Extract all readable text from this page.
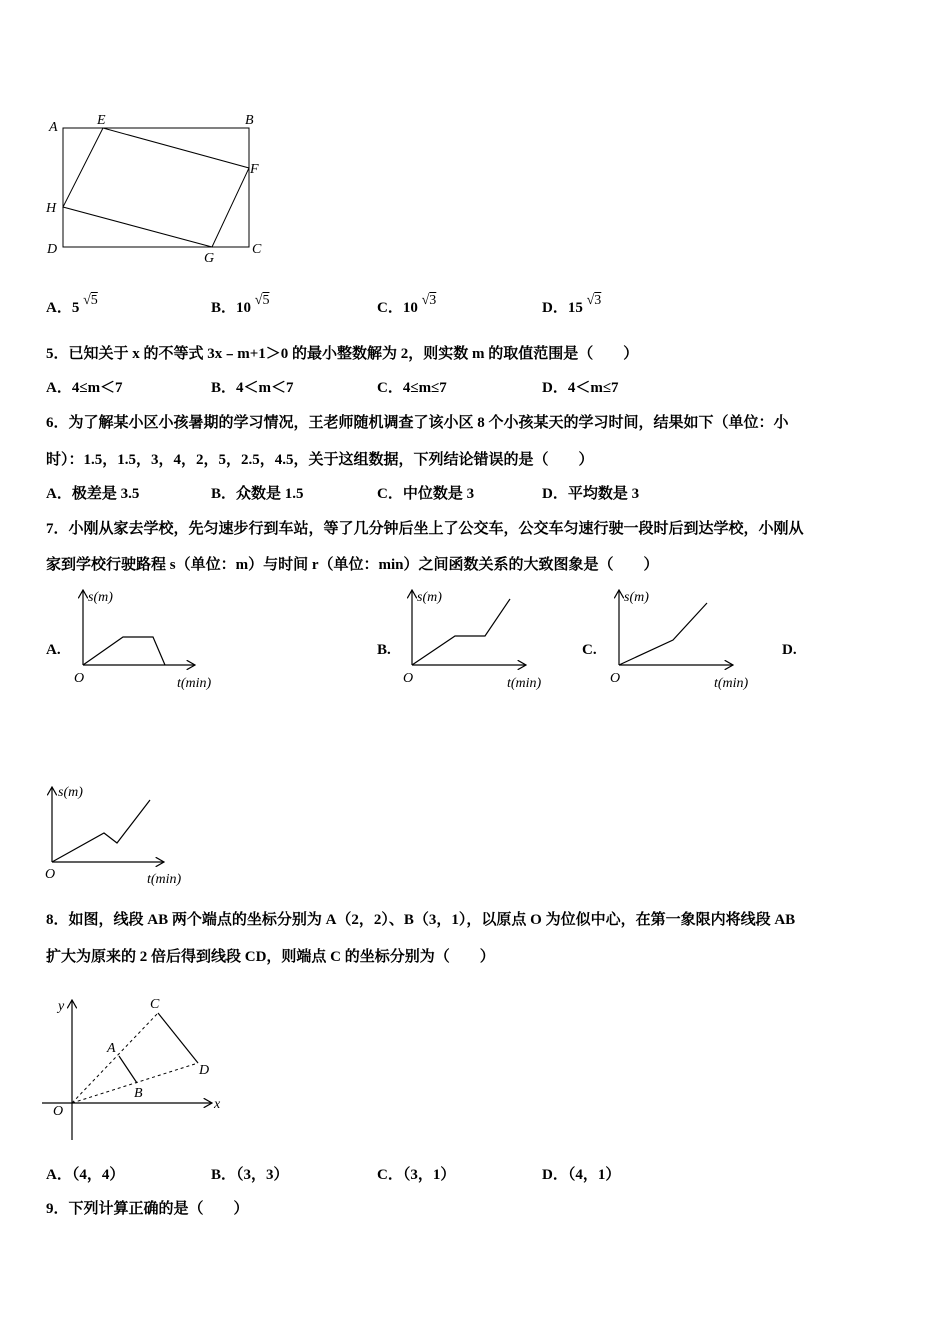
A	E	B
F
H
D
G
C
A．5 √5	B．10 √5	C．10 √3	D．15 √3
5．已知关于 x 的不等式 3x﹣m+1＞0 的最小整数解为 2，则实数 m 的取值范围是（　　）
A．4≤m＜7	B．4＜m＜7	C．4≤m≤7	D．4＜m≤7
6．为了解某小区小孩暑期的学习情况，王老师随机调查了该小区 8 个小孩某天的学习时间，结果如下（单位：小
时）：1.5，1.5，3，4，2，5，2.5，4.5，关于这组数据，下列结论错误的是（　　）
A．极差是 3.5	B．众数是 1.5	C．中位数是 3	D．平均数是 3
7．小刚从家去学校，先匀速步行到车站，等了几分钟后坐上了公交车，公交车匀速行驶一段时后到达学校，小刚从
家到学校行驶路程 s（单位：m）与时间 r（单位：min）之间函数关系的大致图象是（　　）
A.	B.	C.	D.
s(m)
O	t(min)
s(m)
O	t(min)
s(m)
O	t(min)
s(m)
O	t(min)
y
x
O
A
B
C
D
8．如图，线段 AB 两个端点的坐标分别为 A（2，2）、B（3，1），以原点 O 为位似中心，在第一象限内将线段 AB
扩大为原来的 2 倍后得到线段 CD，则端点 C 的坐标分别为（　　）
A．（4，4）	B．（3，3）	C．（3，1）	D．（4，1）
9．下列计算正确的是（　　）
